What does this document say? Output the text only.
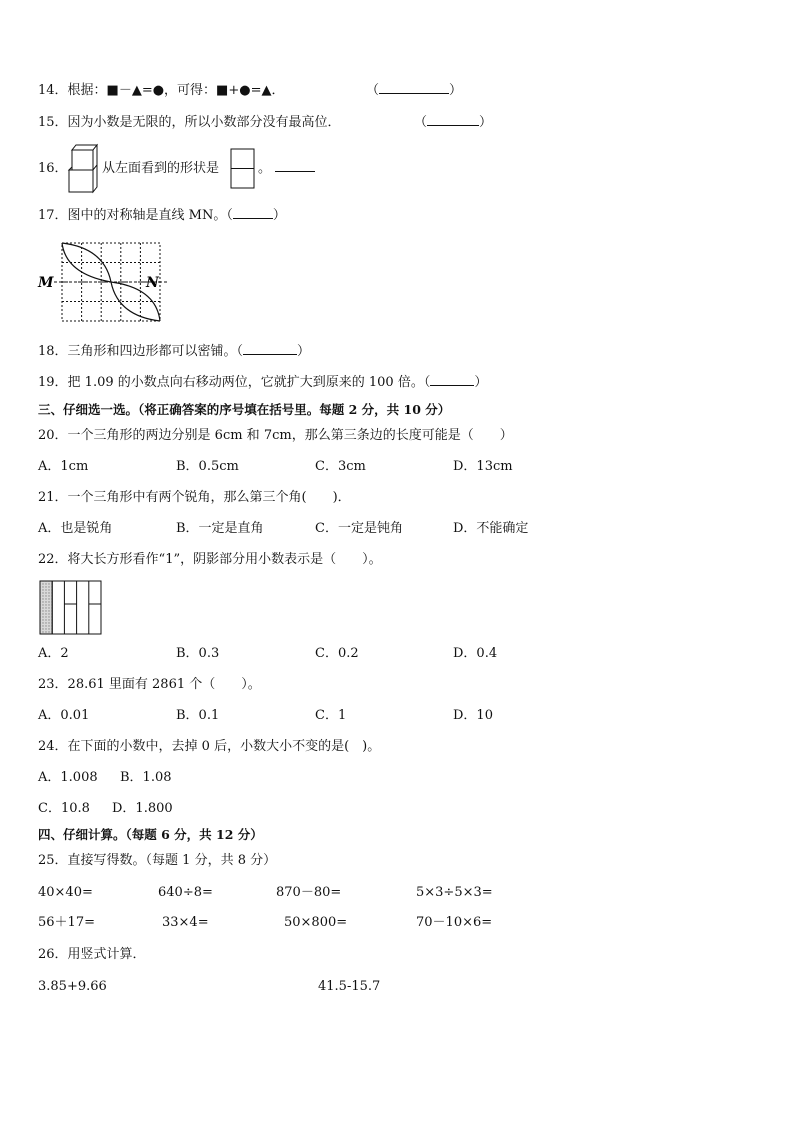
14．根据：■－▲=●，可得：■+●=▲．	（	）
15．因为小数是无限的，所以小数部分没有最高位．	（	）
16．	从左面看到的形状是	。
17．图中的对称轴是直线 MN。（	）
M	N
18．三角形和四边形都可以密铺。（	）
19．把 1.09 的小数点向右移动两位，它就扩大到原来的 100 倍。（	）
三、仔细选一选。（将正确答案的序号填在括号里。每题 2 分，共 10 分）
20．一个三角形的两边分别是 6cm 和 7cm，那么第三条边的长度可能是（　　）
A．1cm	B．0.5cm	C．3cm	D．13cm
21．一个三角形中有两个锐角，那么第三个角(　　)．
A．也是锐角	B．一定是直角	C．一定是钝角	D．不能确定
22．将大长方形看作“1”，阴影部分用小数表示是（　　）。
A．2	B．0.3	C．0.2	D．0.4
23．28.61 里面有 2861 个（　　）。
A．0.01	B．0.1	C．1	D．10
24．在下面的小数中，去掉 0 后，小数大小不变的是(　)。
A．1.008 B．1.08
C．10.8 D．1.800
四、仔细计算。（每题 6 分，共 12 分）
25．直接写得数。（每题 1 分，共 8 分）
40×40=	640÷8=	870－80=	5×3÷5×3=
56＋17=	33×4=	50×800=	70－10×6=
26．用竖式计算．
3.85+9.66	41.5-15.7
